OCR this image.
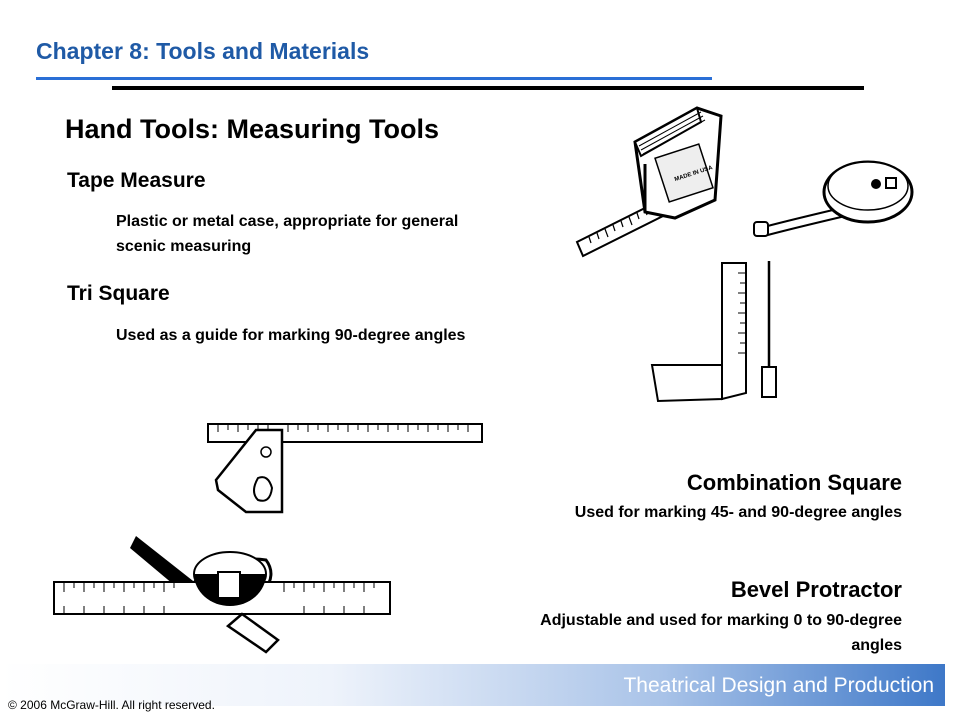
Chapter 8: Tools and Materials
Hand Tools: Measuring Tools
Tape Measure
Plastic or metal case, appropriate for general scenic measuring
Tri Square
Used as a guide for marking 90-degree angles
Combination Square
Used for marking 45- and 90-degree angles
Bevel Protractor
Adjustable and used for marking 0 to 90-degree angles
MADE IN USA
Theatrical Design and Production
© 2006 McGraw-Hill. All right reserved.
